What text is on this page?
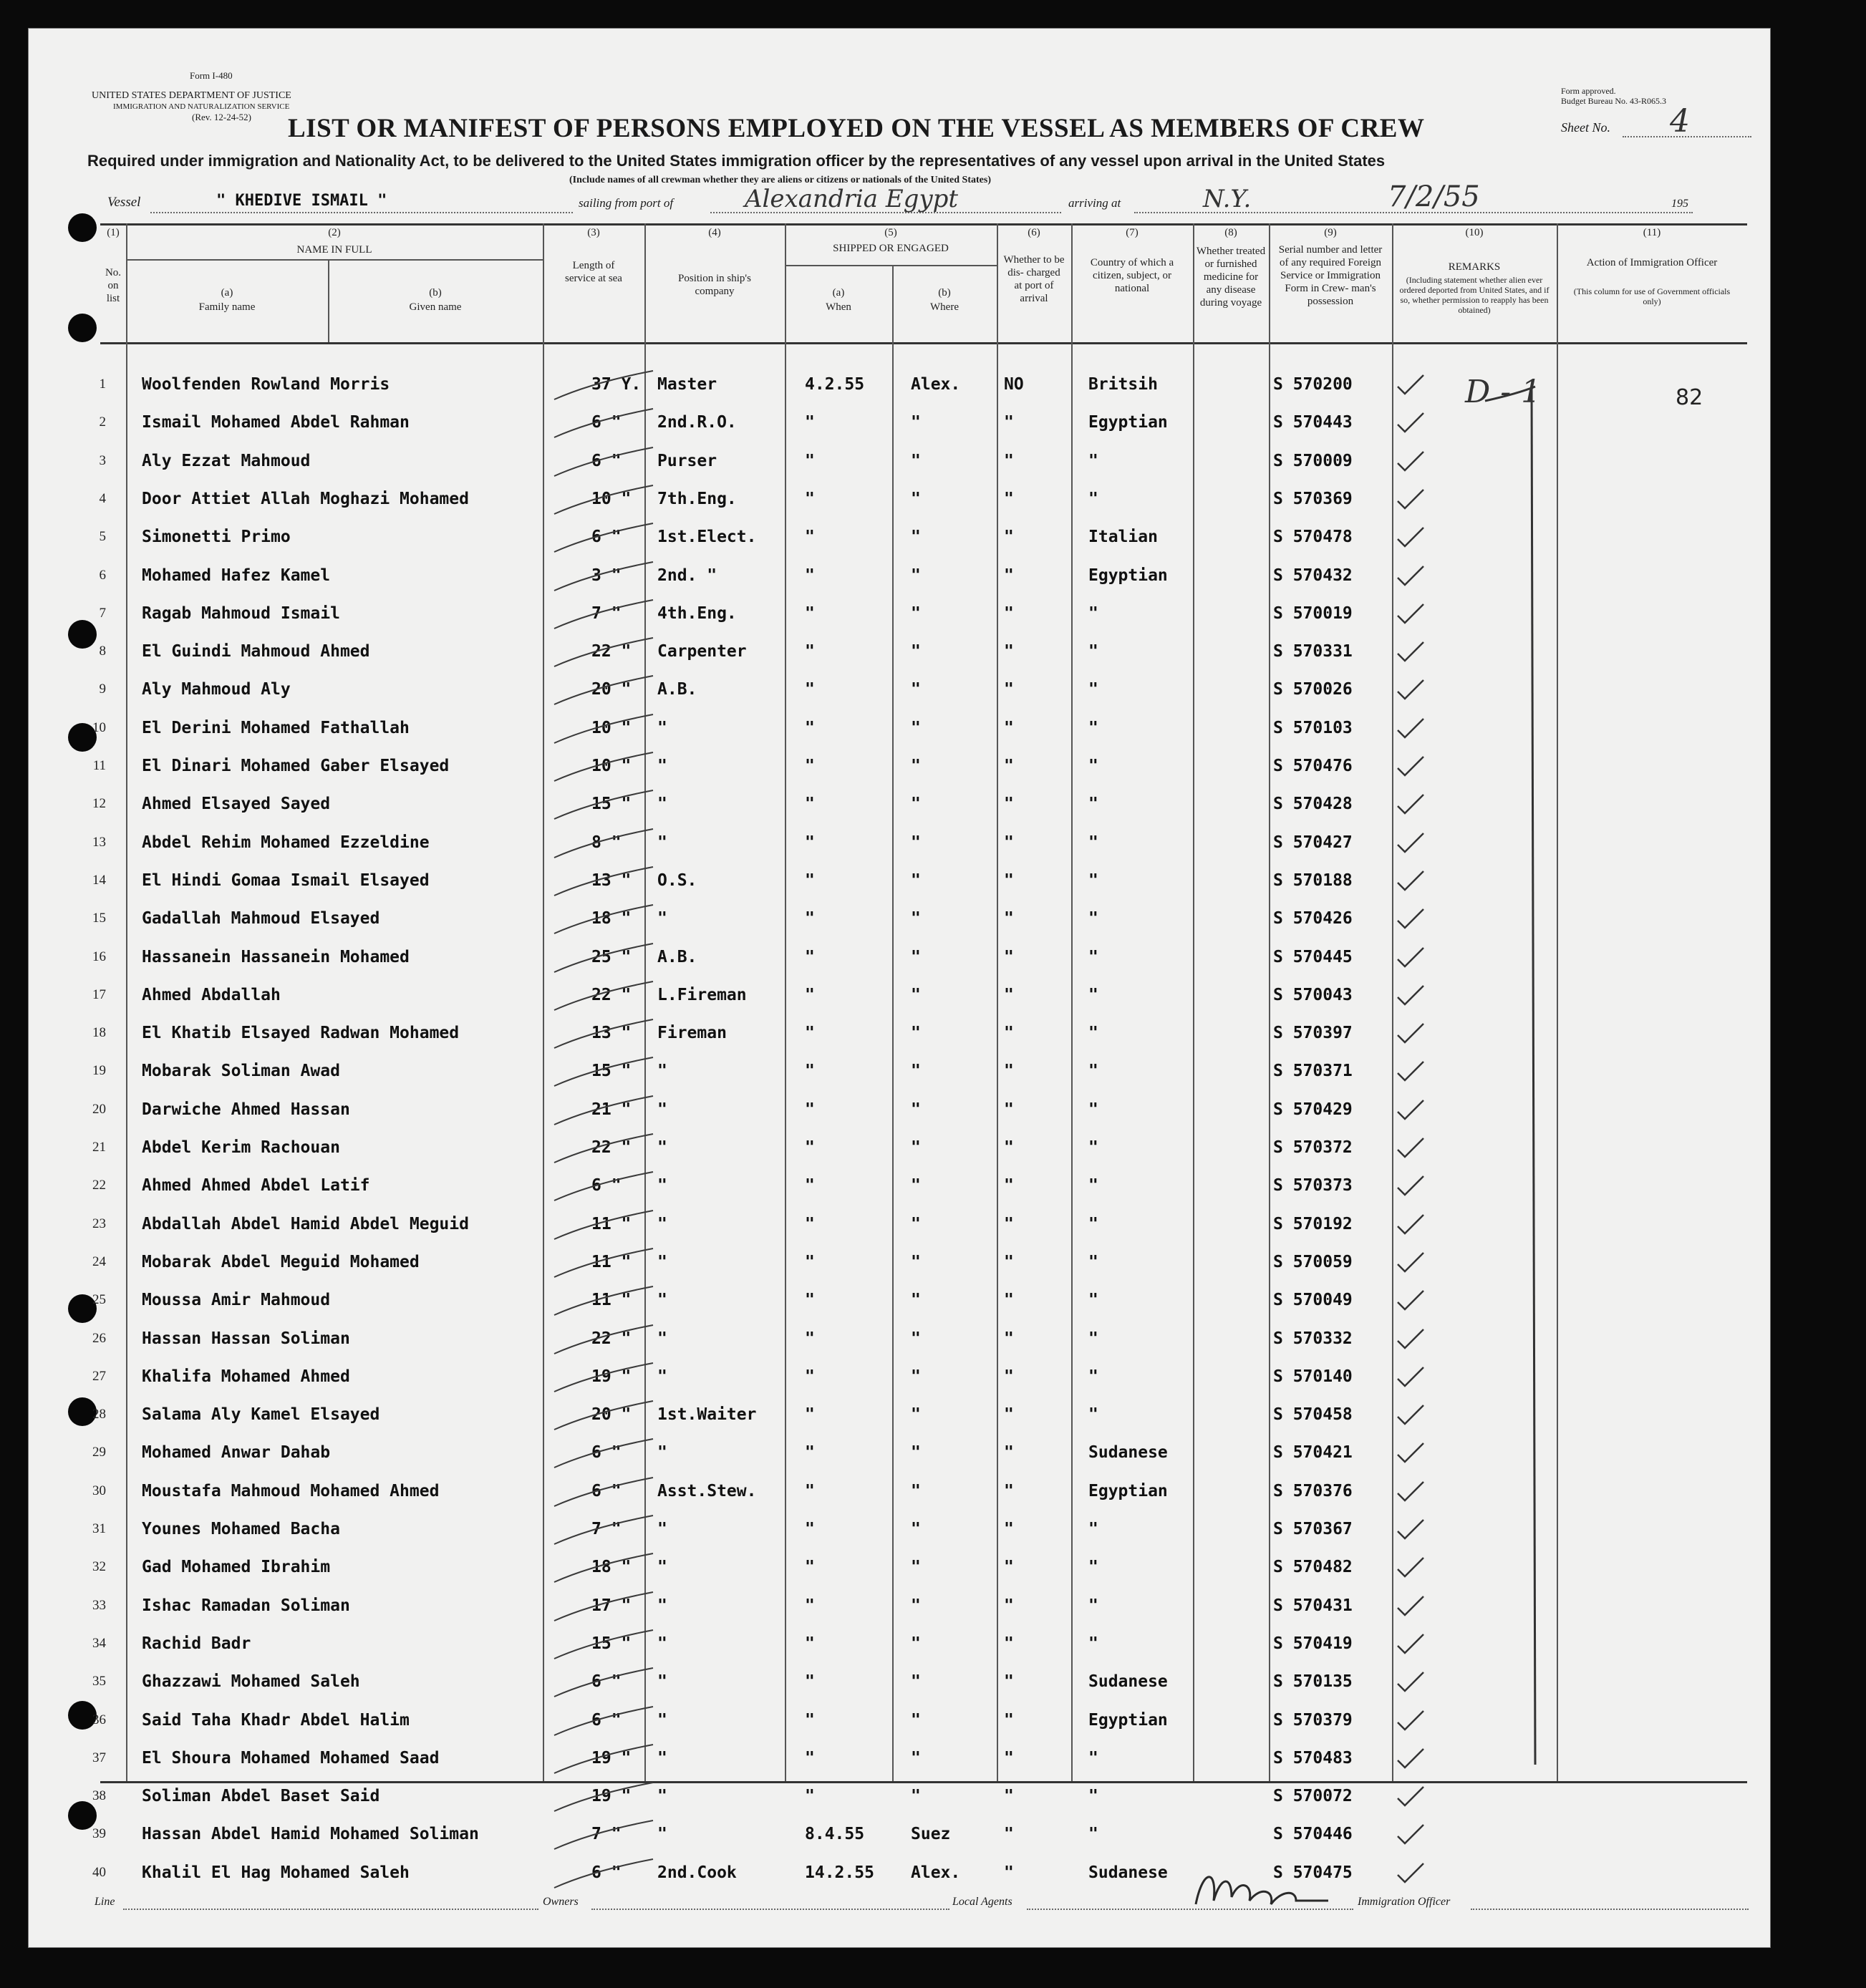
Form I-480
UNITED STATES DEPARTMENT OF JUSTICE
IMMIGRATION AND NATURALIZATION SERVICE
(Rev. 12-24-52)
Form approved.
Budget Bureau No. 43-R065.3
Sheet No. 4
LIST OR MANIFEST OF PERSONS EMPLOYED ON THE VESSEL AS MEMBERS OF CREW
Required under immigration and Nationality Act, to be delivered to the United States immigration officer by the representatives of any vessel upon arrival in the United States
(Include names of all crewman whether they are aliens or citizens or nationals of the United States)
Vessel	" KHEDIVE ISMAIL "	sailing from port of	Alexandria Egypt	arriving at	N.Y.	7/2/55	195
(1)
No. on list
(2)
NAME IN FULL
(a)
Family name
(b)
Given name
(3)
Length of service at sea
(4)
Position in ship's company
(5)
SHIPPED OR ENGAGED
(a)
When
(b)
Where
(6)
Whether to be dis- charged at port of arrival
(7)
Country of which a citizen, subject, or national
(8)
Whether treated or furnished medicine for any disease during voyage
(9)
Serial number and letter of any required Foreign Service or Immigration Form in Crew- man's possession
(10)
REMARKS
(Including statement whether alien ever ordered deported from United States, and if so, whether permission to reapply has been obtained)
(11)
Action of Immigration Officer
(This column for use of Government officials only)
1 Woolfenden Rowland Morris	37 Y. Master	4.2.55	Alex.	NO	Britsih	S 570200
2 Ismail Mohamed Abdel Rahman	6 " 2nd.R.O.	"	"	"	Egyptian	S 570443
3 Aly Ezzat Mahmoud	6 " Purser	"	"	"	"	S 570009
4 Door Attiet Allah Moghazi Mohamed	10 " 7th.Eng.	"	"	"	"	S 570369
5 Simonetti Primo	6 " 1st.Elect.	"	"	"	Italian	S 570478
6 Mohamed Hafez Kamel	3 " 2nd. "	"	"	"	Egyptian	S 570432
7 Ragab Mahmoud Ismail	7 " 4th.Eng.	"	"	"	"	S 570019
8 El Guindi Mahmoud Ahmed	22 " Carpenter	"	"	"	"	S 570331
9 Aly Mahmoud Aly	20 " A.B.	"	"	"	"	S 570026
10 El Derini Mohamed Fathallah	10 " "	"	"	"	"	S 570103
11 El Dinari Mohamed Gaber Elsayed	10 " "	"	"	"	"	S 570476
12 Ahmed Elsayed Sayed	15 " "	"	"	"	"	S 570428
13 Abdel Rehim Mohamed Ezzeldine	8 " "	"	"	"	"	S 570427
14 El Hindi Gomaa Ismail Elsayed	13 " O.S.	"	"	"	"	S 570188
15 Gadallah Mahmoud Elsayed	18 " "	"	"	"	"	S 570426
16 Hassanein Hassanein Mohamed	25 " A.B.	"	"	"	"	S 570445
17 Ahmed Abdallah	22 " L.Fireman	"	"	"	"	S 570043
18 El Khatib Elsayed Radwan Mohamed	13 " Fireman	"	"	"	"	S 570397
19 Mobarak Soliman Awad	15 " "	"	"	"	"	S 570371
20 Darwiche Ahmed Hassan	21 " "	"	"	"	"	S 570429
21 Abdel Kerim Rachouan	22 " "	"	"	"	"	S 570372
22 Ahmed Ahmed Abdel Latif	6 " "	"	"	"	"	S 570373
23 Abdallah Abdel Hamid Abdel Meguid	11 " "	"	"	"	"	S 570192
24 Mobarak Abdel Meguid Mohamed	11 " "	"	"	"	"	S 570059
25 Moussa Amir Mahmoud	11 " "	"	"	"	"	S 570049
26 Hassan Hassan Soliman	22 " "	"	"	"	"	S 570332
27 Khalifa Mohamed Ahmed	19 " "	"	"	"	"	S 570140
28 Salama Aly Kamel Elsayed	20 " 1st.Waiter	"	"	"	"	S 570458
29 Mohamed Anwar Dahab	6 " "	"	"	"	Sudanese	S 570421
30 Moustafa Mahmoud Mohamed Ahmed	6 " Asst.Stew.	"	"	"	Egyptian	S 570376
31 Younes Mohamed Bacha	7 " "	"	"	"	"	S 570367
32 Gad Mohamed Ibrahim	18 " "	"	"	"	"	S 570482
33 Ishac Ramadan Soliman	17 " "	"	"	"	"	S 570431
34 Rachid Badr	15 " "	"	"	"	"	S 570419
35 Ghazzawi Mohamed Saleh	6 " "	"	"	"	Sudanese	S 570135
36 Said Taha Khadr Abdel Halim	6 " "	"	"	"	Egyptian	S 570379
37 El Shoura Mohamed Mohamed Saad	19 " "	"	"	"	"	S 570483
38 Soliman Abdel Baset Said	19 " "	"	"	"	"	S 570072
39 Hassan Abdel Hamid Mohamed Soliman	7 " "	8.4.55	Suez	"	"	S 570446
40 Khalil El Hag Mohamed Saleh	6 " 2nd.Cook	14.2.55 Alex.	"	Sudanese	S 570475
D - 1	82
Line	Owners	Local Agents	Immigration Officer
